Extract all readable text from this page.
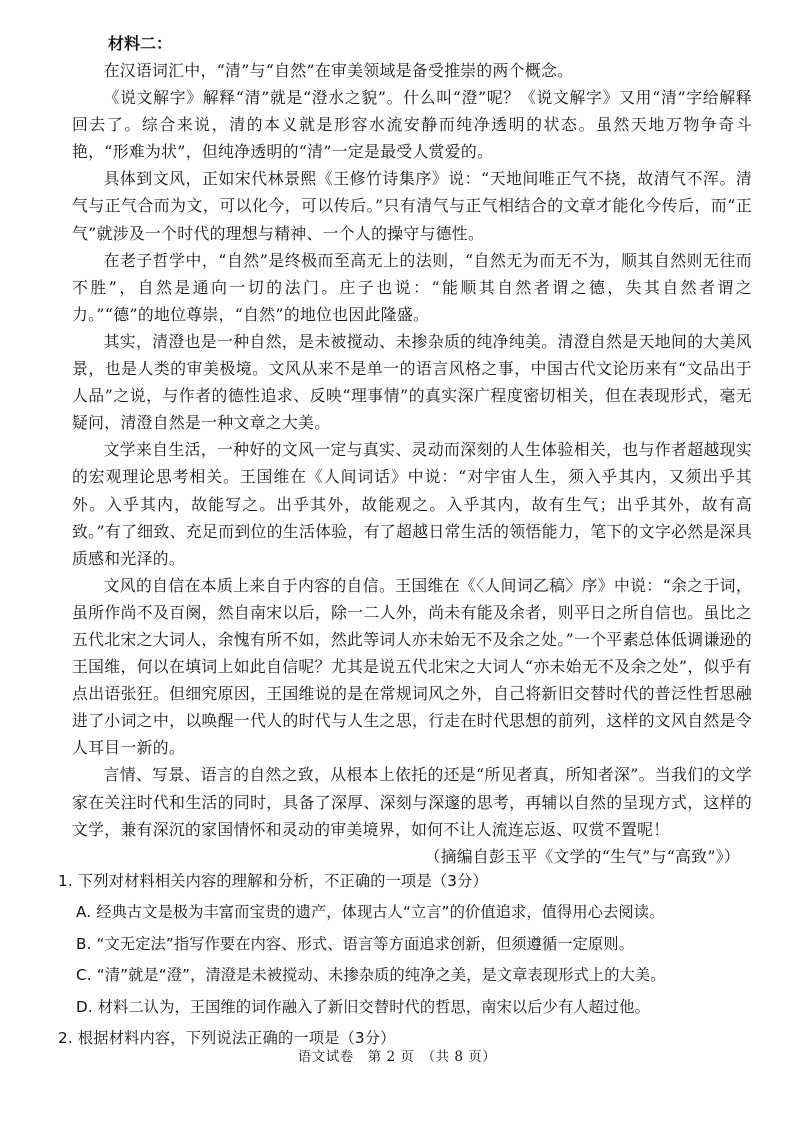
材料二：

在汉语词汇中，“清”与“自然”在审美领域是备受推崇的两个概念。

《说文解字》解释“清”就是“澄水之貌”。什么叫“澄”呢？《说文解字》又用“清”字给解释回去了。综合来说，清的本义就是形容水流安静而纯净透明的状态。虽然天地万物争奇斗艳，“形难为状”，但纯净透明的“清”一定是最受人赏爱的。

具体到文风，正如宋代林景熙《王修竹诗集序》说：“天地间唯正气不挠，故清气不浑。清气与正气合而为文，可以化今，可以传后。”只有清气与正气相结合的文章才能化今传后，而“正气”就涉及一个时代的理想与精神、一个人的操守与德性。

在老子哲学中，“自然”是终极而至高无上的法则，“自然无为而无不为，顺其自然则无往而不胜”，自然是通向一切的法门。庄子也说：“能顺其自然者谓之德，失其自然者谓之力。”“德”的地位尊崇，“自然”的地位也因此隆盛。

其实，清澄也是一种自然，是未被搅动、未掺杂质的纯净纯美。清澄自然是天地间的大美风景，也是人类的审美极境。文风从来不是单一的语言风格之事，中国古代文论历来有“文品出于人品”之说，与作者的德性追求、反映“理事情”的真实深广程度密切相关，但在表现形式，毫无疑问，清澄自然是一种文章之大美。

文学来自生活，一种好的文风一定与真实、灵动而深刻的人生体验相关，也与作者超越现实的宏观理论思考相关。王国维在《人间词话》中说：“对宇宙人生，须入乎其内，又须出乎其外。入乎其内，故能写之。出乎其外，故能观之。入乎其内，故有生气；出乎其外，故有高致。”有了细致、充足而到位的生活体验，有了超越日常生活的领悟能力，笔下的文字必然是深具质感和光泽的。

文风的自信在本质上来自于内容的自信。王国维在《〈人间词乙稿〉序》中说：“余之于词，虽所作尚不及百阕，然自南宋以后，除一二人外，尚未有能及余者，则平日之所自信也。虽比之五代北宋之大词人，余愧有所不如，然此等词人亦未始无不及余之处。”一个平素总体低调谦逊的王国维，何以在填词上如此自信呢？尤其是说五代北宋之大词人“亦未始无不及余之处”，似乎有点出语张狂。但细究原因，王国维说的是在常规词风之外，自己将新旧交替时代的普泛性哲思融进了小词之中，以唤醒一代人的时代与人生之思，行走在时代思想的前列，这样的文风自然是令人耳目一新的。

言情、写景、语言的自然之致，从根本上依托的还是“所见者真，所知者深”。当我们的文学家在关注时代和生活的同时，具备了深厚、深刻与深邃的思考，再辅以自然的呈现方式，这样的文学，兼有深沉的家国情怀和灵动的审美境界，如何不让人流连忘返、叹赏不置呢！

（摘编自彭玉平《文学的“生气”与“高致”》）

1. 下列对材料相关内容的理解和分析，不正确的一项是（3分）

A. 经典古文是极为丰富而宝贵的遗产，体现古人“立言”的价值追求，值得用心去阅读。

B. “文无定法”指写作要在内容、形式、语言等方面追求创新，但须遵循一定原则。

C. “清”就是“澄”，清澄是未被搅动、未掺杂质的纯净之美，是文章表现形式上的大美。

D. 材料二认为，王国维的词作融入了新旧交替时代的哲思，南宋以后少有人超过他。

2. 根据材料内容，下列说法正确的一项是（3分）

语文试卷　第 2 页　（共 8 页）
